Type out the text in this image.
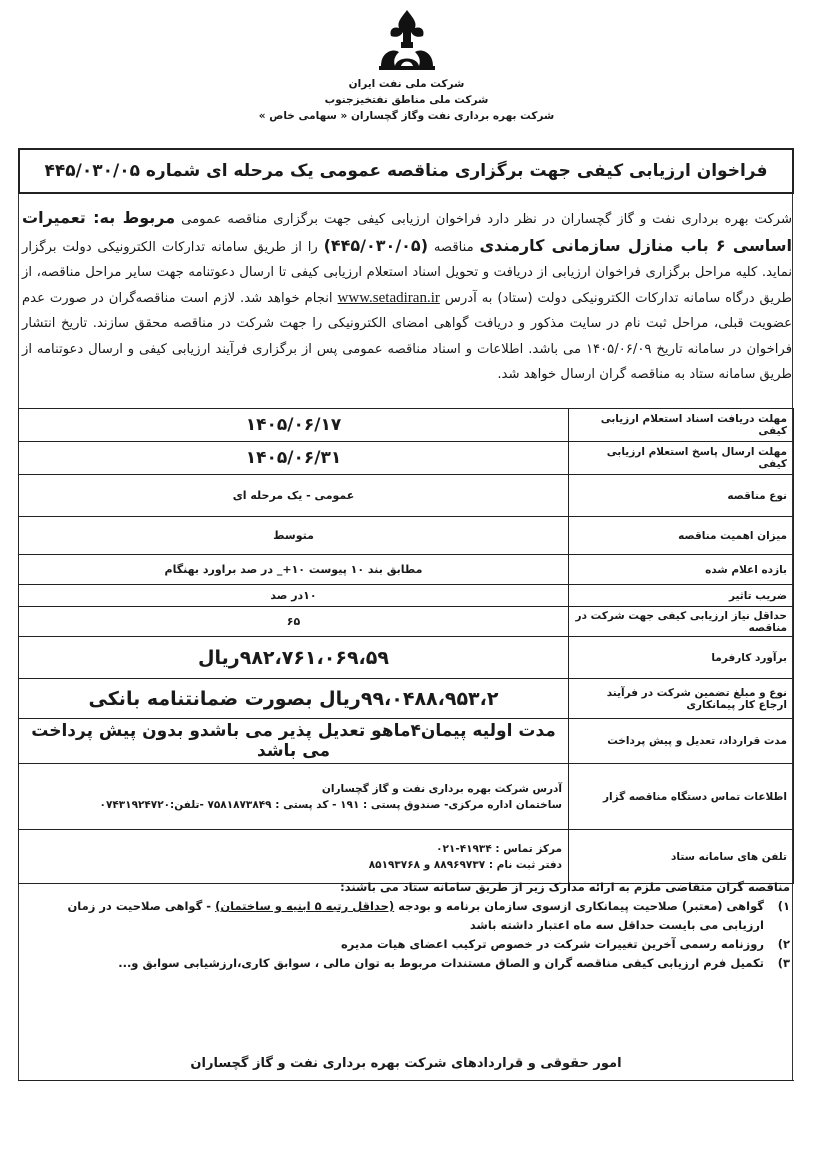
شرکت ملی نفت ایران
شرکت ملی مناطق نفتخیزجنوب
شرکت بهره برداری نفت وگاز گچساران « سهامی خاص »
فراخوان ارزیابی کیفی جهت برگزاری مناقصه عمومی یک مرحله ای شماره ۴۴۵/۰۳۰/۰۵
شرکت بهره برداری نفت و گاز گچساران در نظر دارد فراخوان ارزیابی کیفی جهت برگزاری مناقصه عمومی مربوط به: تعمیرات اساسی ۶ باب منازل سازمانی کارمندی مناقصه (۴۴۵/۰۳۰/۰۵) را از طریق سامانه تدارکات الکترونیکی دولت برگزار نماید. کلیه مراحل برگزاری فراخوان ارزیابی از دریافت و تحویل اسناد استعلام ارزیابی کیفی تا ارسال دعوتنامه جهت سایر مراحل مناقصه، از طریق درگاه سامانه تدارکات الکترونیکی دولت (ستاد) به آدرس www.setadiran.ir انجام خواهد شد. لازم است مناقصه‌گران در صورت عدم عضویت قبلی، مراحل ثبت نام در سایت مذکور و دریافت گواهی امضای الکترونیکی را جهت شرکت در مناقصه محقق سازند. تاریخ انتشار فراخوان در سامانه تاریخ ۱۴۰۵/۰۶/۰۹ می باشد. اطلاعات و اسناد مناقصه عمومی پس از برگزاری فرآیند ارزیابی کیفی و ارسال دعوتنامه از طریق سامانه ستاد به مناقصه گران ارسال خواهد شد.
مهلت دریافت اسناد استعلام ارزیابی کیفی	۱۴۰۵/۰۶/۱۷
مهلت ارسال پاسخ استعلام ارزیابی کیفی	۱۴۰۵/۰۶/۳۱
نوع مناقصه	عمومی - یک مرحله ای
میزان اهمیت مناقصه	متوسط
بازده اعلام شده	مطابق بند ۱۰ پیوست ۱۰+_ در صد براورد بهنگام
ضریب تاثیر	۱۰در صد
حداقل نیاز ارزیابی کیفی جهت شرکت در مناقصه	۶۵
برآورد کارفرما	۹۸۲،۷۶۱،۰۶۹،۵۹ریال
نوع و مبلغ تضمین شرکت در فرآیند ارجاع کار پیمانکاری	۹۹،۰۴۸۸،۹۵۳،۲ریال بصورت ضمانتنامه بانکی
مدت قرارداد، تعدیل و پیش پرداخت	مدت اولیه پیمان۴ماهو تعدیل پذیر می باشدو بدون پیش پرداخت می باشد
اطلاعات تماس دستگاه مناقصه گزار	آدرس شرکت بهره برداری نفت و گاز گچساران
ساختمان اداره مرکزی- صندوق پستی : ۱۹۱ - کد پستی : ۷۵۸۱۸۷۳۸۴۹ -تلفن:۰۷۴۳۱۹۲۴۷۲۰

تلفن های سامانه ستاد	مرکز تماس : ۴۱۹۳۴-۰۲۱
دفتر ثبت نام : ۸۸۹۶۹۷۳۷ و ۸۵۱۹۳۷۶۸
مناقصه گران متقاضی ملزم به ارائه مدارک زیر از طریق سامانه ستاد می باشند:
۱)
گواهی (معتبر) صلاحیت پیمانکاری ازسوی سازمان برنامه و بودجه (حداقل رتبه ۵ ابنیه و ساختمان) - گواهی صلاحیت در زمان ارزیابی می بایست حداقل سه ماه اعتبار داشته باشد
۲)
روزنامه رسمی آخرین تغییرات شرکت در خصوص ترکیب اعضای هیات مدیره
۳)
تکمیل فرم ارزیابی کیفی مناقصه گران و الصاق مستندات مربوط به توان مالی ، سوابق کاری،ارزشیابی سوابق و...
امور حقوقی و قراردادهای شرکت بهره برداری نفت و گاز گچساران
